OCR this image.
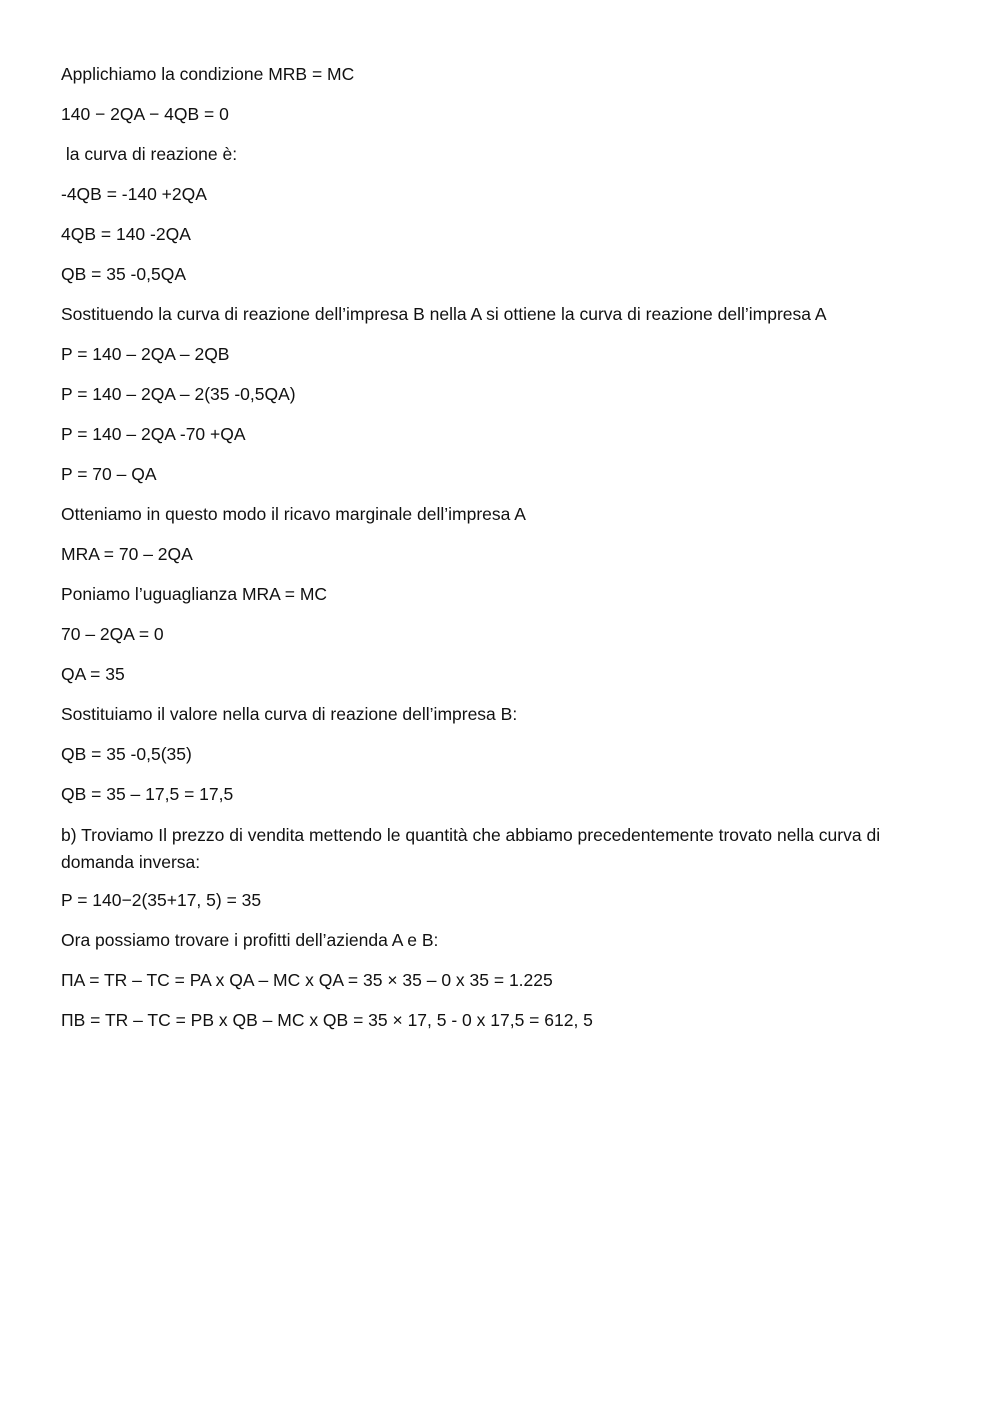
Applichiamo la condizione MRB = MC

140 − 2QA − 4QB = 0

la curva di reazione è:

-4QB = -140 +2QA

4QB = 140 -2QA

QB = 35 -0,5QA

Sostituendo la curva di reazione dell’impresa B nella A si ottiene la curva di reazione dell’impresa A

P = 140 – 2QA – 2QB

P = 140 – 2QA – 2(35 -0,5QA)

P = 140 – 2QA -70 +QA

P = 70 – QA

Otteniamo in questo modo il ricavo marginale dell’impresa A

MRA = 70 – 2QA

Poniamo l’uguaglianza MRA = MC

70 – 2QA = 0

QA = 35

Sostituiamo il valore nella curva di reazione dell’impresa B:

QB = 35 -0,5(35)

QB = 35 – 17,5 = 17,5

b) Troviamo Il prezzo di vendita mettendo le quantità che abbiamo precedentemente trovato nella curva di domanda inversa:

P = 140−2(35+17, 5) = 35

Ora possiamo trovare i profitti dell’azienda A e B:

ΠA = TR – TC = PA x QA – MC x QA = 35 × 35 – 0 x 35 = 1.225

ΠB = TR – TC = PB x QB – MC x QB = 35 × 17, 5 - 0 x 17,5 = 612, 5
